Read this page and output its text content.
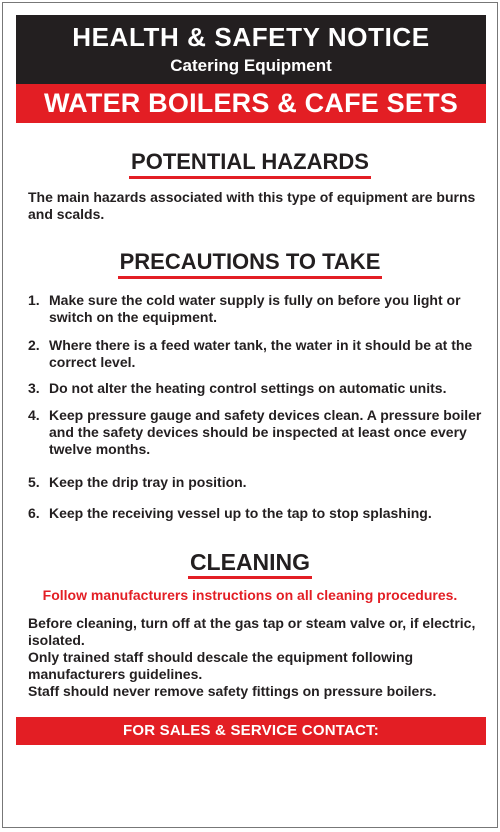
HEALTH & SAFETY NOTICE
Catering Equipment
WATER BOILERS & CAFE SETS
POTENTIAL HAZARDS
The main hazards associated with this type of equipment are burns and scalds.
PRECAUTIONS TO TAKE
1. Make sure the cold water supply is fully on before you light or switch on the equipment.
2. Where there is a feed water tank, the water in it should be at the correct level.
3. Do not alter the heating control settings on automatic units.
4. Keep pressure gauge and safety devices clean. A pressure boiler and the safety devices should be inspected at least once every twelve months.
5. Keep the drip tray in position.
6. Keep the receiving vessel up to the tap to stop splashing.
CLEANING
Follow manufacturers instructions on all cleaning procedures.
Before cleaning, turn off at the gas tap or steam valve or, if electric, isolated.
Only trained staff should descale the equipment following manufacturers guidelines.
Staff should never remove safety fittings on pressure boilers.
FOR SALES & SERVICE CONTACT:
